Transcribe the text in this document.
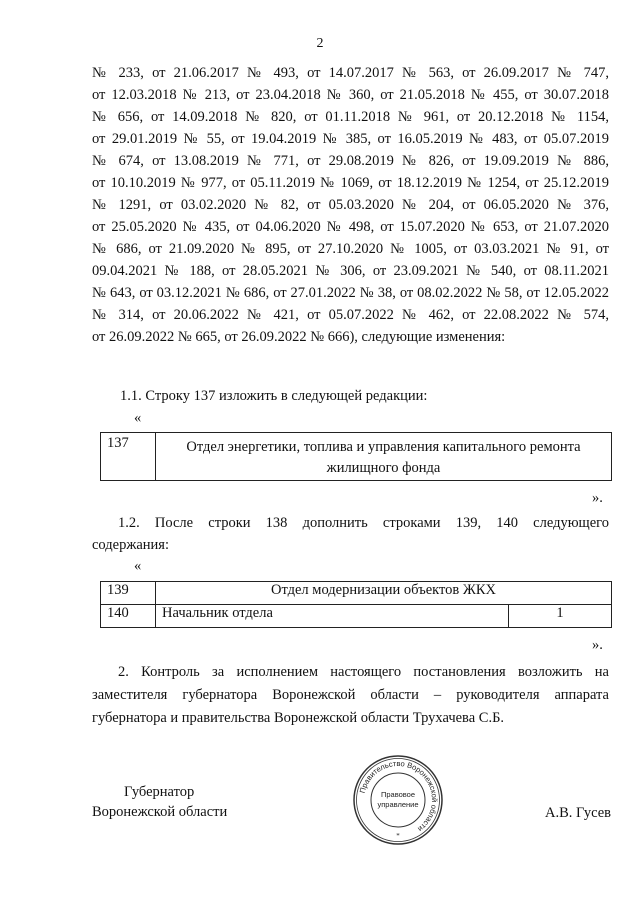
2
№ 233, от 21.06.2017 № 493, от 14.07.2017 № 563, от 26.09.2017 № 747,
от 12.03.2018 № 213, от 23.04.2018 № 360, от 21.05.2018 № 455, от 30.07.2018
№ 656, от 14.09.2018 № 820, от 01.11.2018 № 961, от 20.12.2018 № 1154,
от 29.01.2019 № 55, от 19.04.2019 № 385, от 16.05.2019 № 483, от 05.07.2019
№ 674, от 13.08.2019 № 771, от 29.08.2019 № 826, от 19.09.2019 № 886,
от 10.10.2019 № 977, от 05.11.2019 № 1069, от 18.12.2019 № 1254, от 25.12.2019
№ 1291, от 03.02.2020 № 82, от 05.03.2020 № 204, от 06.05.2020 № 376,
от 25.05.2020 № 435, от 04.06.2020 № 498, от 15.07.2020 № 653, от 21.07.2020
№ 686, от 21.09.2020 № 895, от 27.10.2020 № 1005, от 03.03.2021 № 91, от
09.04.2021 № 188, от 28.05.2021 № 306, от 23.09.2021 № 540, от 08.11.2021
№ 643, от 03.12.2021 № 686, от 27.01.2022 № 38, от 08.02.2022 № 58, от 12.05.2022
№ 314, от 20.06.2022 № 421, от 05.07.2022 № 462, от 22.08.2022 № 574,
от 26.09.2022 № 665, от 26.09.2022 № 666), следующие изменения:
1.1. Строку 137 изложить в следующей редакции:
«
137	Отдел энергетики, топлива и управления капитального ремонта
жилищного фонда
».
1.2. После строки 138 дополнить строками 139, 140 следующего
содержания:
«
139	Отдел модернизации объектов ЖКХ	
140	Начальник отдела	1
».
2. Контроль за исполнением настоящего постановления возложить на
заместителя губернатора Воронежской области – руководителя аппарата
губернатора и правительства Воронежской области Трухачева С.Б.
Губернатор
Воронежской области	А.В. Гусев
Правительство Воронежской области
Правовое
управление
*
